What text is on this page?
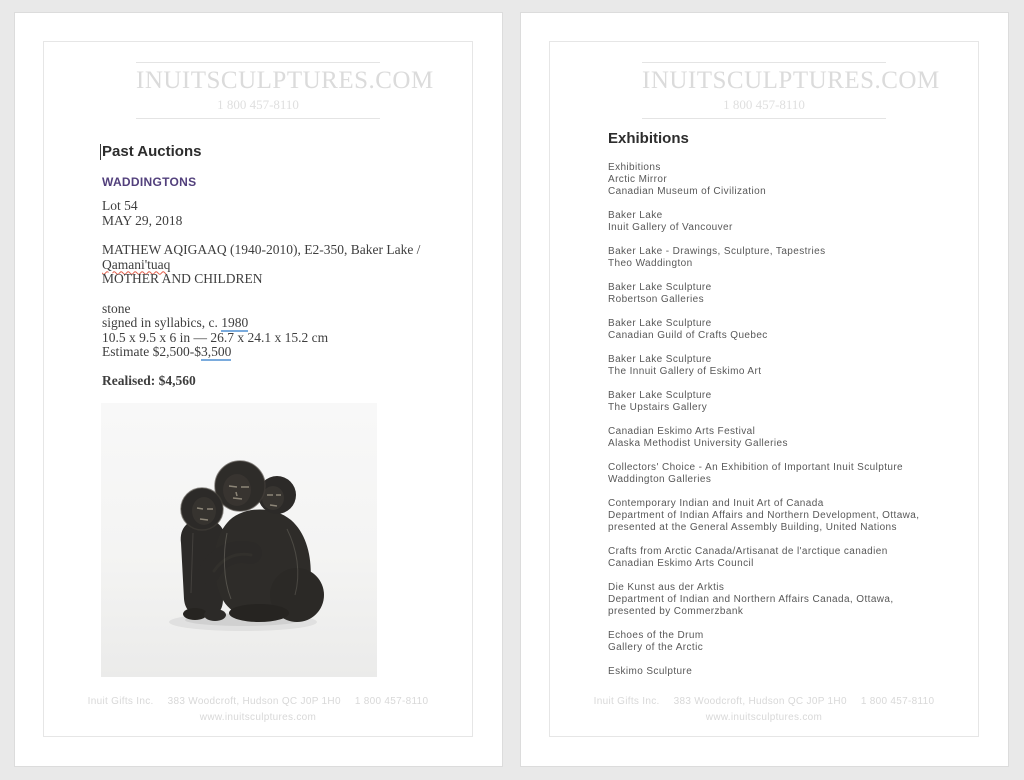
INUITSCULPTURES.COM
1 800 457-8110
Past Auctions
WADDINGTONS
Lot 54
MAY 29, 2018
MATHEW AQIGAAQ (1940-2010), E2-350, Baker Lake /
Qamani'tuaq
MOTHER AND CHILDREN
stone
signed in syllabics, c. 1980
10.5 x 9.5 x 6 in — 26.7 x 24.1 x 15.2 cm
Estimate $2,500-$3,500
Realised: $4,560
Inuit Gifts Inc. 383 Woodcroft, Hudson QC J0P 1H0 1 800 457-8110
www.inuitsculptures.com
INUITSCULPTURES.COM
1 800 457-8110
Exhibitions
Exhibitions
Arctic Mirror
Canadian Museum of Civilization
Baker Lake
Inuit Gallery of Vancouver
Baker Lake - Drawings, Sculpture, Tapestries
Theo Waddington
Baker Lake Sculpture
Robertson Galleries
Baker Lake Sculpture
Canadian Guild of Crafts Quebec
Baker Lake Sculpture
The Innuit Gallery of Eskimo Art
Baker Lake Sculpture
The Upstairs Gallery
Canadian Eskimo Arts Festival
Alaska Methodist University Galleries
Collectors' Choice - An Exhibition of Important Inuit Sculpture
Waddington Galleries
Contemporary Indian and Inuit Art of Canada
Department of Indian Affairs and Northern Development, Ottawa,
presented at the General Assembly Building, United Nations
Crafts from Arctic Canada/Artisanat de l'arctique canadien
Canadian Eskimo Arts Council
Die Kunst aus der Arktis
Department of Indian and Northern Affairs Canada, Ottawa,
presented by Commerzbank
Echoes of the Drum
Gallery of the Arctic
Eskimo Sculpture
Inuit Gifts Inc. 383 Woodcroft, Hudson QC J0P 1H0 1 800 457-8110
www.inuitsculptures.com
